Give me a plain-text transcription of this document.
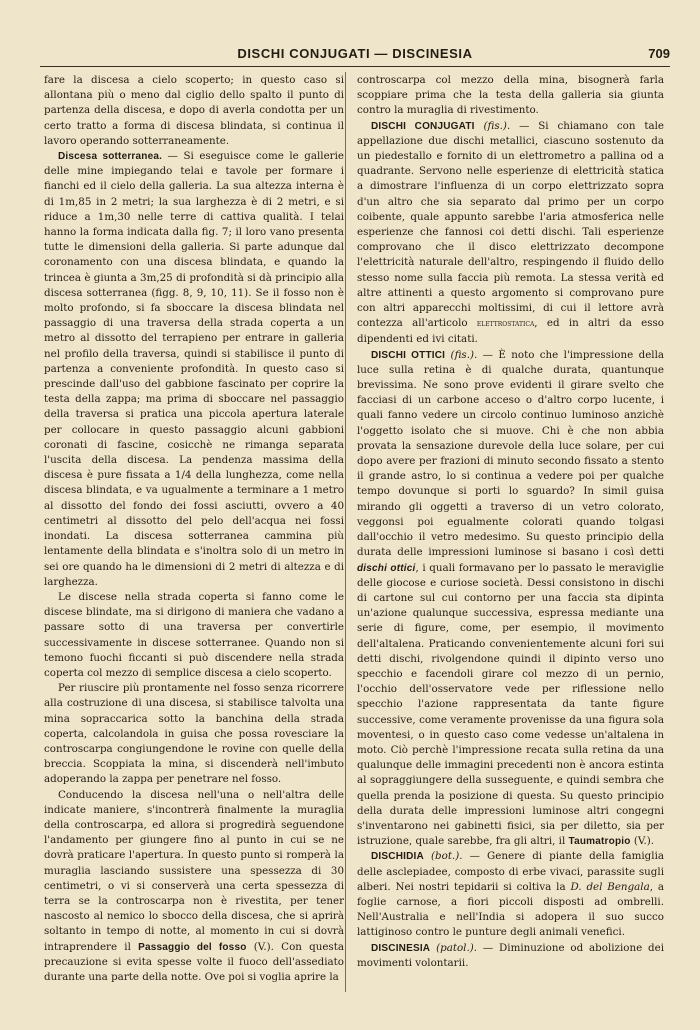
DISCHI CONJUGATI — DISCINESIA	709

fare la discesa a cielo scoperto; in questo caso si allontana più o meno dal ciglio dello spalto il punto di partenza della discesa, e dopo di averla condotta per un certo tratto a forma di discesa blindata, si continua il lavoro operando sotterraneamente.

Discesa sotterranea. — Si eseguisce come le gallerie delle mine impiegando telai e tavole per formare i fianchi ed il cielo della galleria. La sua altezza interna è di 1m,85 in 2 metri; la sua larghezza è di 2 metri, e si riduce a 1m,30 nelle terre di cattiva qualità. I telai hanno la forma indicata dalla fig. 7; il loro vano presenta tutte le dimensioni della galleria. Si parte adunque dal coronamento con una discesa blindata, e quando la trincea è giunta a 3m,25 di profondità si dà principio alla discesa sotterranea (figg. 8, 9, 10, 11). Se il fosso non è molto profondo, si fa sboccare la discesa blindata nel passaggio di una traversa della strada coperta a un metro al dissotto del terrapieno per entrare in galleria nel profilo della traversa, quindi si stabilisce il punto di partenza a conveniente profondità. In questo caso si prescinde dall'uso del gabbione fascinato per coprire la testa della zappa; ma prima di sboccare nel passaggio della traversa si pratica una piccola apertura laterale per collocare in questo passaggio alcuni gabbioni coronati di fascine, cosicchè ne rimanga separata l'uscita della discesa. La pendenza massima della discesa è pure fissata a 1/4 della lunghezza, come nella discesa blindata, e va ugualmente a terminare a 1 metro al dissotto del fondo dei fossi asciutti, ovvero a 40 centimetri al dissotto del pelo dell'acqua nei fossi inondati. La discesa sotterranea cammina più lentamente della blindata e s'inoltra solo di un metro in sei ore quando ha le dimensioni di 2 metri di altezza e di larghezza.

Le discese nella strada coperta si fanno come le discese blindate, ma si dirigono di maniera che vadano a passare sotto di una traversa per convertirle successivamente in discese sotterranee. Quando non si temono fuochi ficcanti si può discendere nella strada coperta col mezzo di semplice discesa a cielo scoperto.

Per riuscire più prontamente nel fosso senza ricorrere alla costruzione di una discesa, si stabilisce talvolta una mina sopraccarica sotto la banchina della strada coperta, calcolandola in guisa che possa rovesciare la controscarpa congiungendone le rovine con quelle della breccia. Scoppiata la mina, si discenderà nell'imbuto adoperando la zappa per penetrare nel fosso.

Conducendo la discesa nell'una o nell'altra delle indicate maniere, s'incontrerà finalmente la muraglia della controscarpa, ed allora si progredirà seguendone l'andamento per giungere fino al punto in cui se ne dovrà praticare l'apertura. In questo punto si romperà la muraglia lasciando sussistere una spessezza di 30 centimetri, o vi si conserverà una certa spessezza di terra se la controscarpa non è rivestita, per tener nascosto al nemico lo sbocco della discesa, che si aprirà soltanto in tempo di notte, al momento in cui si dovrà intraprendere il Passaggio del fosso (V.). Con questa precauzione si evita spesse volte il fuoco dell'assediato durante una parte della notte. Ove poi si voglia aprire la

controscarpa col mezzo della mina, bisognerà farla scoppiare prima che la testa della galleria sia giunta contro la muraglia di rivestimento.

DISCHI CONJUGATI (fis.). — Si chiamano con tale appellazione due dischi metallici, ciascuno sostenuto da un piedestallo e fornito di un elettrometro a pallina od a quadrante. Servono nelle esperienze di elettricità statica a dimostrare l'influenza di un corpo elettrizzato sopra d'un altro che sia separato dal primo per un corpo coibente, quale appunto sarebbe l'aria atmosferica nelle esperienze che fannosi coi detti dischi. Tali esperienze comprovano che il disco elettrizzato decompone l'elettricità naturale dell'altro, respingendo il fluido dello stesso nome sulla faccia più remota. La stessa verità ed altre attinenti a questo argomento si comprovano pure con altri apparecchi moltissimi, di cui il lettore avrà contezza all'articolo elettrostatica, ed in altri da esso dipendenti ed ivi citati.

DISCHI OTTICI (fis.). — È noto che l'impressione della luce sulla retina è di qualche durata, quantunque brevissima. Ne sono prove evidenti il girare svelto che facciasi di un carbone acceso o d'altro corpo lucente, i quali fanno vedere un circolo continuo luminoso anzichè l'oggetto isolato che si muove. Chi è che non abbia provata la sensazione durevole della luce solare, per cui dopo avere per frazioni di minuto secondo fissato a stento il grande astro, lo si continua a vedere poi per qualche tempo dovunque si porti lo sguardo? In simil guisa mirando gli oggetti a traverso di un vetro colorato, veggonsi poi egualmente colorati quando tolgasi dall'occhio il vetro medesimo. Su questo principio della durata delle impressioni luminose si basano i così detti dischi ottici, i quali formavano per lo passato le meraviglie delle giocose e curiose società. Dessi consistono in dischi di cartone sul cui contorno per una faccia sta dipinta un'azione qualunque successiva, espressa mediante una serie di figure, come, per esempio, il movimento dell'altalena. Praticando convenientemente alcuni fori sui detti dischi, rivolgendone quindi il dipinto verso uno specchio e facendoli girare col mezzo di un pernio, l'occhio dell'osservatore vede per riflessione nello specchio l'azione rappresentata da tante figure successive, come veramente provenisse da una figura sola moventesi, o in questo caso come vedesse un'altalena in moto. Ciò perchè l'impressione recata sulla retina da una qualunque delle immagini precedenti non è ancora estinta al sopraggiungere della susseguente, e quindi sembra che quella prenda la posizione di questa. Su questo principio della durata delle impressioni luminose altri congegni s'inventarono nei gabinetti fisici, sia per diletto, sia per istruzione, quale sarebbe, fra gli altri, il Taumatropio (V.).

DISCHIDIA (bot.). — Genere di piante della famiglia delle asclepiadee, composto di erbe vivaci, parassite sugli alberi. Nei nostri tepidarii si coltiva la D. del Bengala, a foglie carnose, a fiori piccoli disposti ad ombrelli. Nell'Australia e nell'India si adopera il suo succo lattiginoso contro le punture degli animali venefici.

DISCINESIA (patol.). — Diminuzione od abolizione dei movimenti volontarii.
